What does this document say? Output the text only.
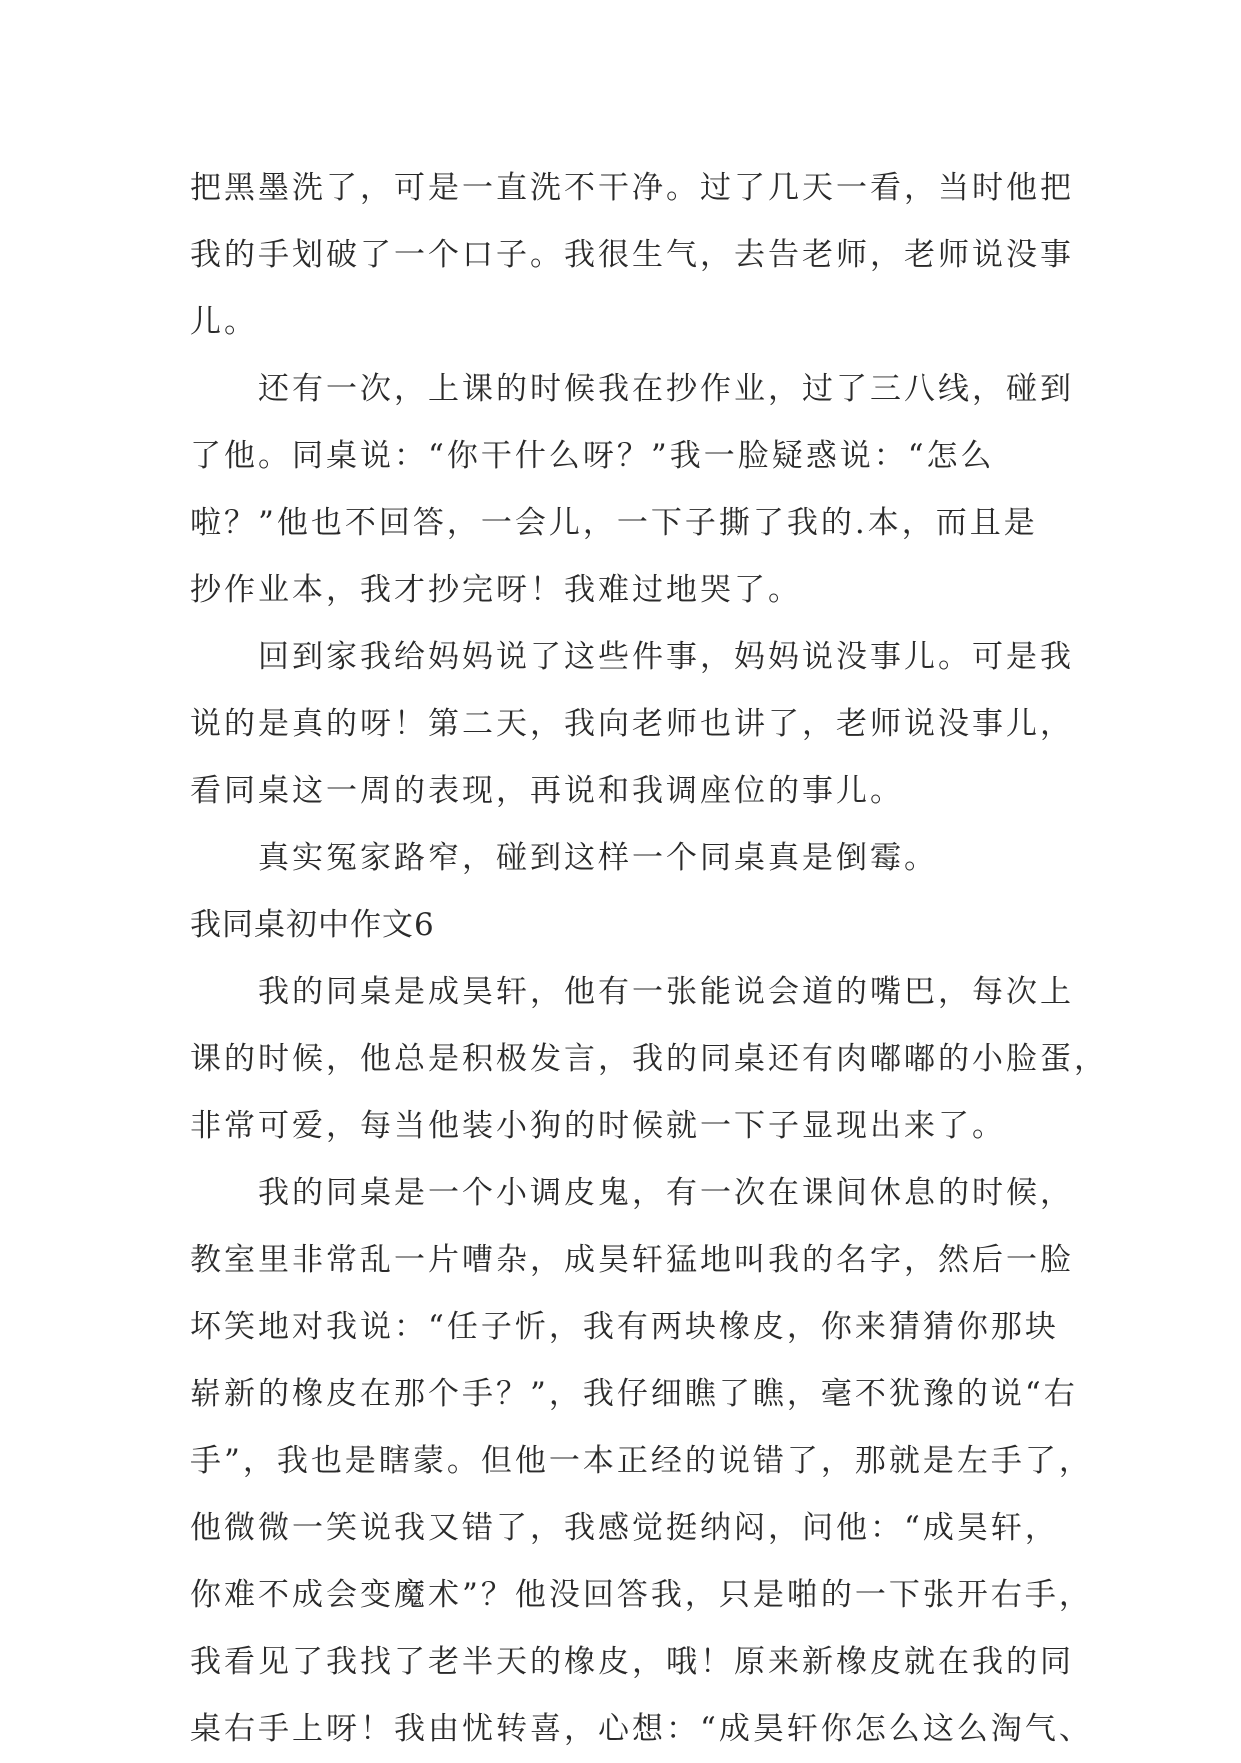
把黑墨洗了，可是一直洗不干净。过了几天一看，当时他把
我的手划破了一个口子。我很生气，去告老师，老师说没事
儿。
还有一次，上课的时候我在抄作业，过了三八线，碰到
了他。同桌说：“你干什么呀？”我一脸疑惑说：“怎么
啦？”他也不回答，一会儿，一下子撕了我的.本，而且是
抄作业本，我才抄完呀！我难过地哭了。
回到家我给妈妈说了这些件事，妈妈说没事儿。可是我
说的是真的呀！第二天，我向老师也讲了，老师说没事儿，
看同桌这一周的表现，再说和我调座位的事儿。
真实冤家路窄，碰到这样一个同桌真是倒霉。
我同桌初中作文6
我的同桌是成昊轩，他有一张能说会道的嘴巴，每次上
课的时候，他总是积极发言，我的同桌还有肉嘟嘟的小脸蛋，
非常可爱，每当他装小狗的时候就一下子显现出来了。
我的同桌是一个小调皮鬼，有一次在课间休息的时候，
教室里非常乱一片嘈杂，成昊轩猛地叫我的名字，然后一脸
坏笑地对我说：“任子忻，我有两块橡皮，你来猜猜你那块
崭新的橡皮在那个手？”，我仔细瞧了瞧，毫不犹豫的说“右
手”，我也是瞎蒙。但他一本正经的说错了，那就是左手了，
他微微一笑说我又错了，我感觉挺纳闷，问他：“成昊轩，
你难不成会变魔术”？他没回答我，只是啪的一下张开右手，
我看见了我找了老半天的橡皮，哦！原来新橡皮就在我的同
桌右手上呀！我由忧转喜，心想：“成昊轩你怎么这么淘气、
